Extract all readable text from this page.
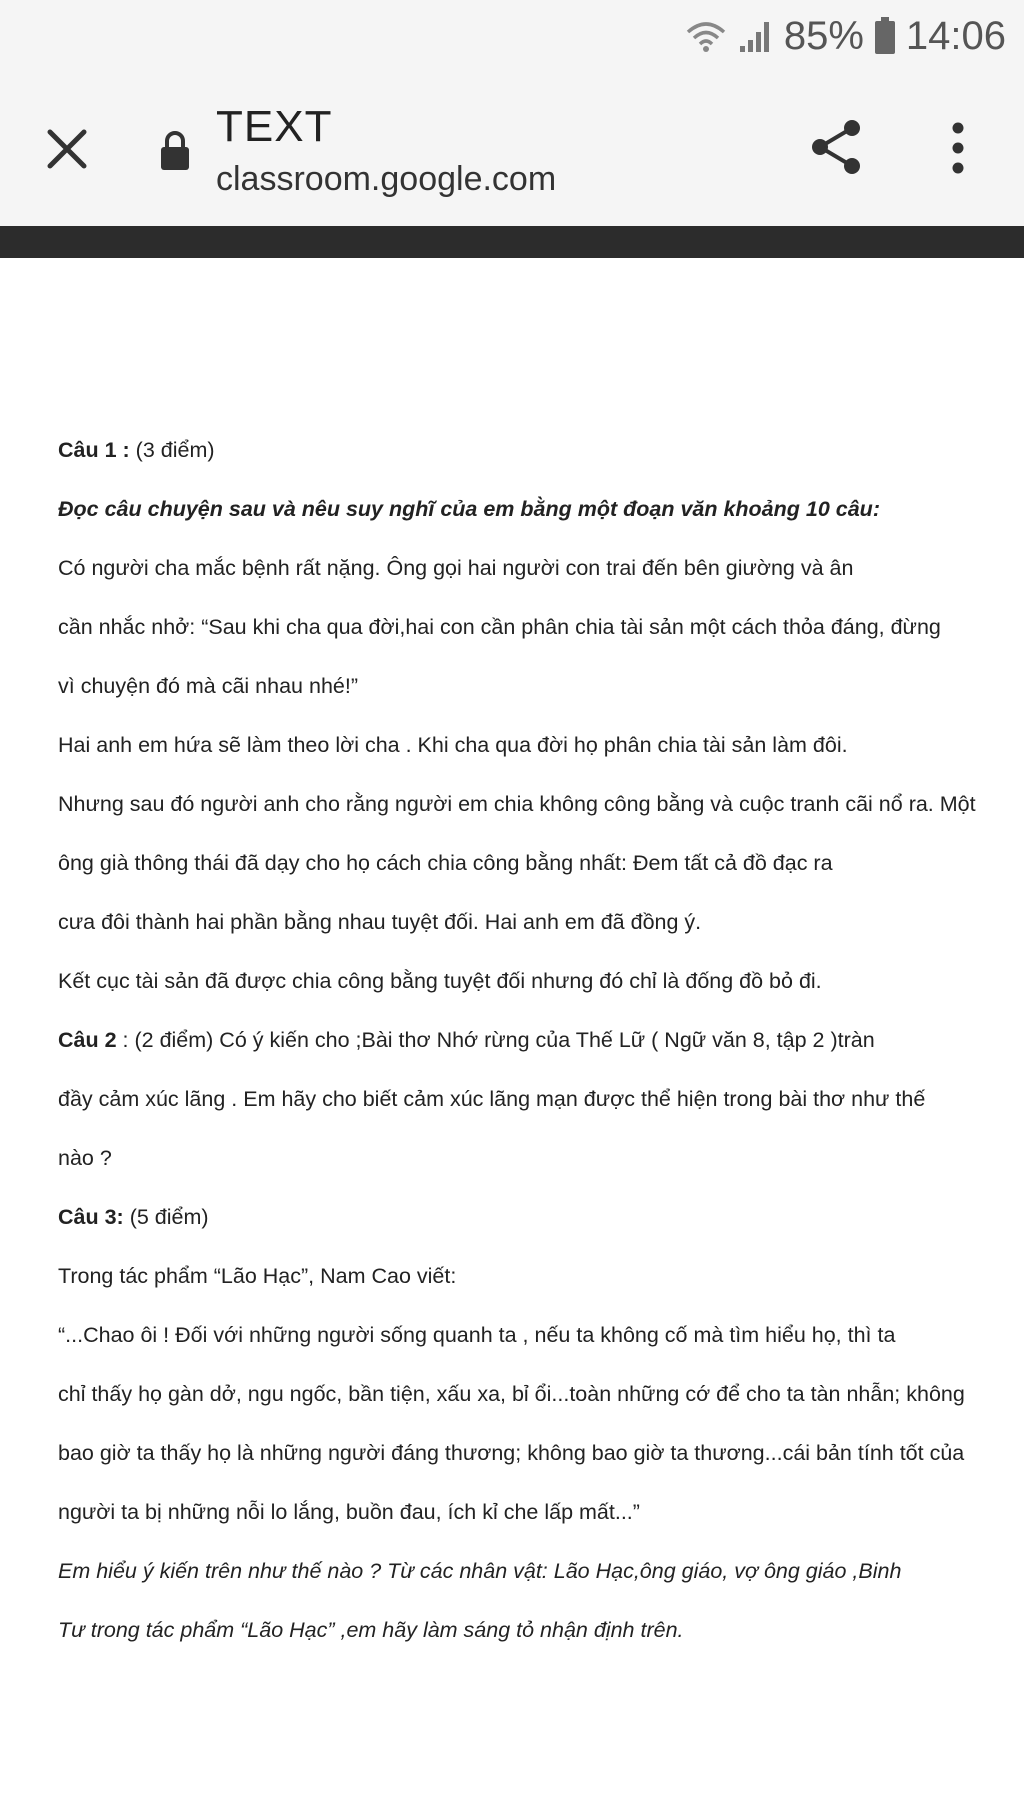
85% 14:06
TEXT
classroom.google.com

Câu 1 : (3 điểm)

Đọc câu chuyện sau và nêu suy nghĩ của em bằng một đoạn văn khoảng 10 câu:

Có người cha mắc bệnh rất nặng. Ông gọi hai người con trai đến bên giường và ân

cần nhắc nhở: “Sau khi cha qua đời,hai con cần phân chia tài sản một cách thỏa đáng, đừng

vì chuyện đó mà cãi nhau nhé!”

Hai anh em hứa sẽ làm theo lời cha . Khi cha qua đời họ phân chia tài sản làm đôi.

Nhưng sau đó người anh cho rằng người em chia không công bằng và cuộc tranh cãi nổ ra. Một

ông già thông thái đã dạy cho họ cách chia công bằng nhất: Đem tất cả đồ đạc ra

cưa đôi thành hai phần bằng nhau tuyệt đối. Hai anh em đã đồng ý.

Kết cục tài sản đã được chia công bằng tuyệt đối nhưng đó chỉ là đống đồ bỏ đi.

Câu 2 : (2 điểm) Có ý kiến cho ;Bài thơ Nhớ rừng của Thế Lữ ( Ngữ văn 8, tập 2 )tràn

đầy cảm xúc lãng . Em hãy cho biết cảm xúc lãng mạn được thể hiện trong bài thơ như thế

nào ?

Câu 3: (5 điểm)

Trong tác phẩm “Lão Hạc”, Nam Cao viết:

“...Chao ôi ! Đối với những người sống quanh ta , nếu ta không cố mà tìm hiểu họ, thì ta

chỉ thấy họ gàn dở, ngu ngốc, bần tiện, xấu xa, bỉ ổi...toàn những cớ để cho ta tàn nhẫn; không

bao giờ ta thấy họ là những người đáng thương; không bao giờ ta thương...cái bản tính tốt của

người ta bị những nỗi lo lắng, buồn đau, ích kỉ che lấp mất...”

Em hiểu ý kiến trên như thế nào ? Từ các nhân vật: Lão Hạc,ông giáo, vợ ông giáo ,Binh

Tư trong tác phẩm “Lão Hạc” ,em hãy làm sáng tỏ nhận định trên.
